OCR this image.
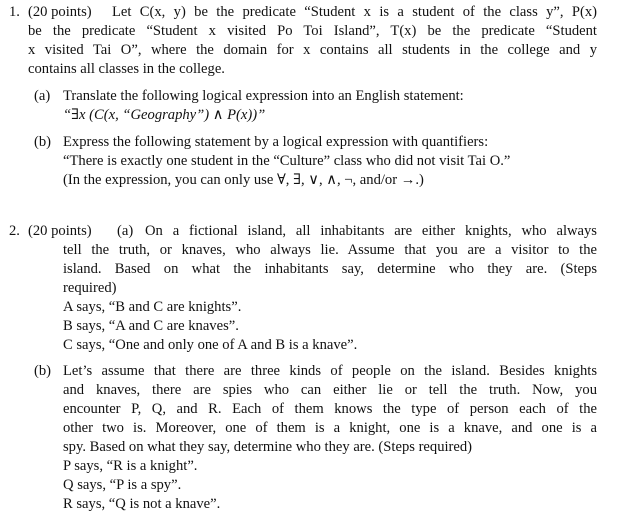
1. (20 points) Let C(x, y) be the predicate “Student x is a student of the class y”, P(x)
be the predicate “Student x visited Po Toi Island”, T(x) be the predicate “Student
x visited Tai O”, where the domain for x contains all students in the college and y
contains all classes in the college.
(a) Translate the following logical expression into an English statement:
“∃x (C(x, “Geography”) ∧ P(x))”
(b) Express the following statement by a logical expression with quantifiers:
“There is exactly one student in the “Culture” class who did not visit Tai O.”
(In the expression, you can only use ∀, ∃, ∨, ∧, ¬, and/or →.)
2. (20 points) (a) On a fictional island, all inhabitants are either knights, who always
tell the truth, or knaves, who always lie. Assume that you are a visitor to the
island. Based on what the inhabitants say, determine who they are. (Steps
required)
A says, “B and C are knights”.
B says, “A and C are knaves”.
C says, “One and only one of A and B is a knave”.
(b) Let’s assume that there are three kinds of people on the island. Besides knights
and knaves, there are spies who can either lie or tell the truth. Now, you
encounter P, Q, and R. Each of them knows the type of person each of the
other two is. Moreover, one of them is a knight, one is a knave, and one is a
spy. Based on what they say, determine who they are. (Steps required)
P says, “R is a knight”.
Q says, “P is a spy”.
R says, “Q is not a knave”.
